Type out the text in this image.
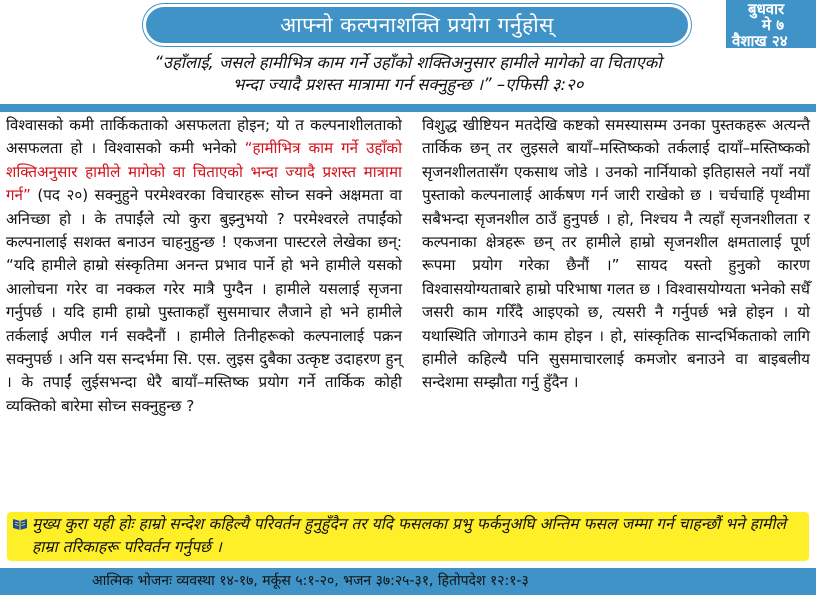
आफ्नो कल्पनाशक्ति प्रयोग गर्नुहोस्
बुधवार
मे ७
वैशाख २४
“उहाँलाई, जसले हामीभित्र काम गर्ने उहाँको शक्तिअनुसार हामीले मागेको वा चिताएको
भन्दा ज्यादै प्रशस्त मात्रामा गर्न सक्नुहुन्छ ।” –एफिसी ३:२०

विश्वासको कमी तार्किकताको असफलता होइन; यो त कल्पनाशीलताको असफलता हो । विश्वासको कमी भनेको “हामीभित्र काम गर्ने उहाँको शक्तिअनुसार हामीले मागेको वा चिताएको भन्दा ज्यादै प्रशस्त मात्रामा गर्न” (पद २०) सक्नुहुने परमेश्वरका विचारहरू सोच्न सक्ने अक्षमता वा अनिच्छा हो । के तपाईंले त्यो कुरा बुझ्नुभयो ? परमेश्वरले तपाईंको कल्पनालाई सशक्त बनाउन चाहनुहुन्छ ! एकजना पास्टरले लेखेका छन्: “यदि हामीले हाम्रो संस्कृतिमा अनन्त प्रभाव पार्ने हो भने हामीले यसको आलोचना गरेर वा नक्कल गरेर मात्रै पुग्दैन । हामीले यसलाई सृजना गर्नुपर्छ । यदि हामी हाम्रो पुस्ताकहाँ सुसमाचार लैजाने हो भने हामीले तर्कलाई अपील गर्न सक्दैनौं । हामीले तिनीहरूको कल्पनालाई पक्रन सक्नुपर्छ । अनि यस सन्दर्भमा सि. एस. लुइस दुबैका उत्कृष्ट उदाहरण हुन् । के तपाईं लुईसभन्दा धेरै बायाँ–मस्तिष्क प्रयोग गर्ने तार्किक कोही व्यक्तिको बारेमा सोच्न सक्नुहुन्छ ?

विशुद्ध खीष्टियन मतदेखि कष्टको समस्यासम्म उनका पुस्तकहरू अत्यन्तै तार्किक छन् तर लुइसले बायाँ–मस्तिष्कको तर्कलाई दायाँ–मस्तिष्कको सृजनशीलतासँग एकसाथ जोडे । उनको नार्नियाको इतिहासले नयाँ नयाँ पुस्ताको कल्पनालाई आर्कषण गर्न जारी राखेको छ । चर्चचाहिं पृथ्वीमा सबैभन्दा सृजनशील ठाउँ हुनुपर्छ । हो, निश्चय नै त्यहाँ सृजनशीलता र कल्पनाका क्षेत्रहरू छन् तर हामीले हाम्रो सृजनशील क्षमतालाई पूर्ण रूपमा प्रयोग गरेका छैनौं ।” सायद यस्तो हुनुको कारण विश्वासयोग्यताबारे हाम्रो परिभाषा गलत छ । विश्वासयोग्यता भनेको सधैँ जसरी काम गरिँदै आइएको छ, त्यसरी नै गर्नुपर्छ भन्ने होइन । यो यथास्थिति जोगाउने काम होइन । हो, सांस्कृतिक सान्दर्भिकताको लागि हामीले कहिल्यै पनि सुसमाचारलाई कमजोर बनाउने वा बाइबलीय सन्देशमा सम्झौता गर्नु हुँदैन ।

मुख्य कुरा यही होः हाम्रो सन्देश कहिल्यै परिवर्तन हुनुहुँदैन तर यदि फसलका प्रभु फर्कनुअघि अन्तिम फसल जम्मा गर्न चाहन्छौं भने हामीले हाम्रा तरिकाहरू परिवर्तन गर्नुपर्छ ।
आत्मिक भोजनः व्यवस्था १४-१७, मर्कूस ५:१-२०, भजन ३७:२५-३१, हितोपदेश १२:१-३
